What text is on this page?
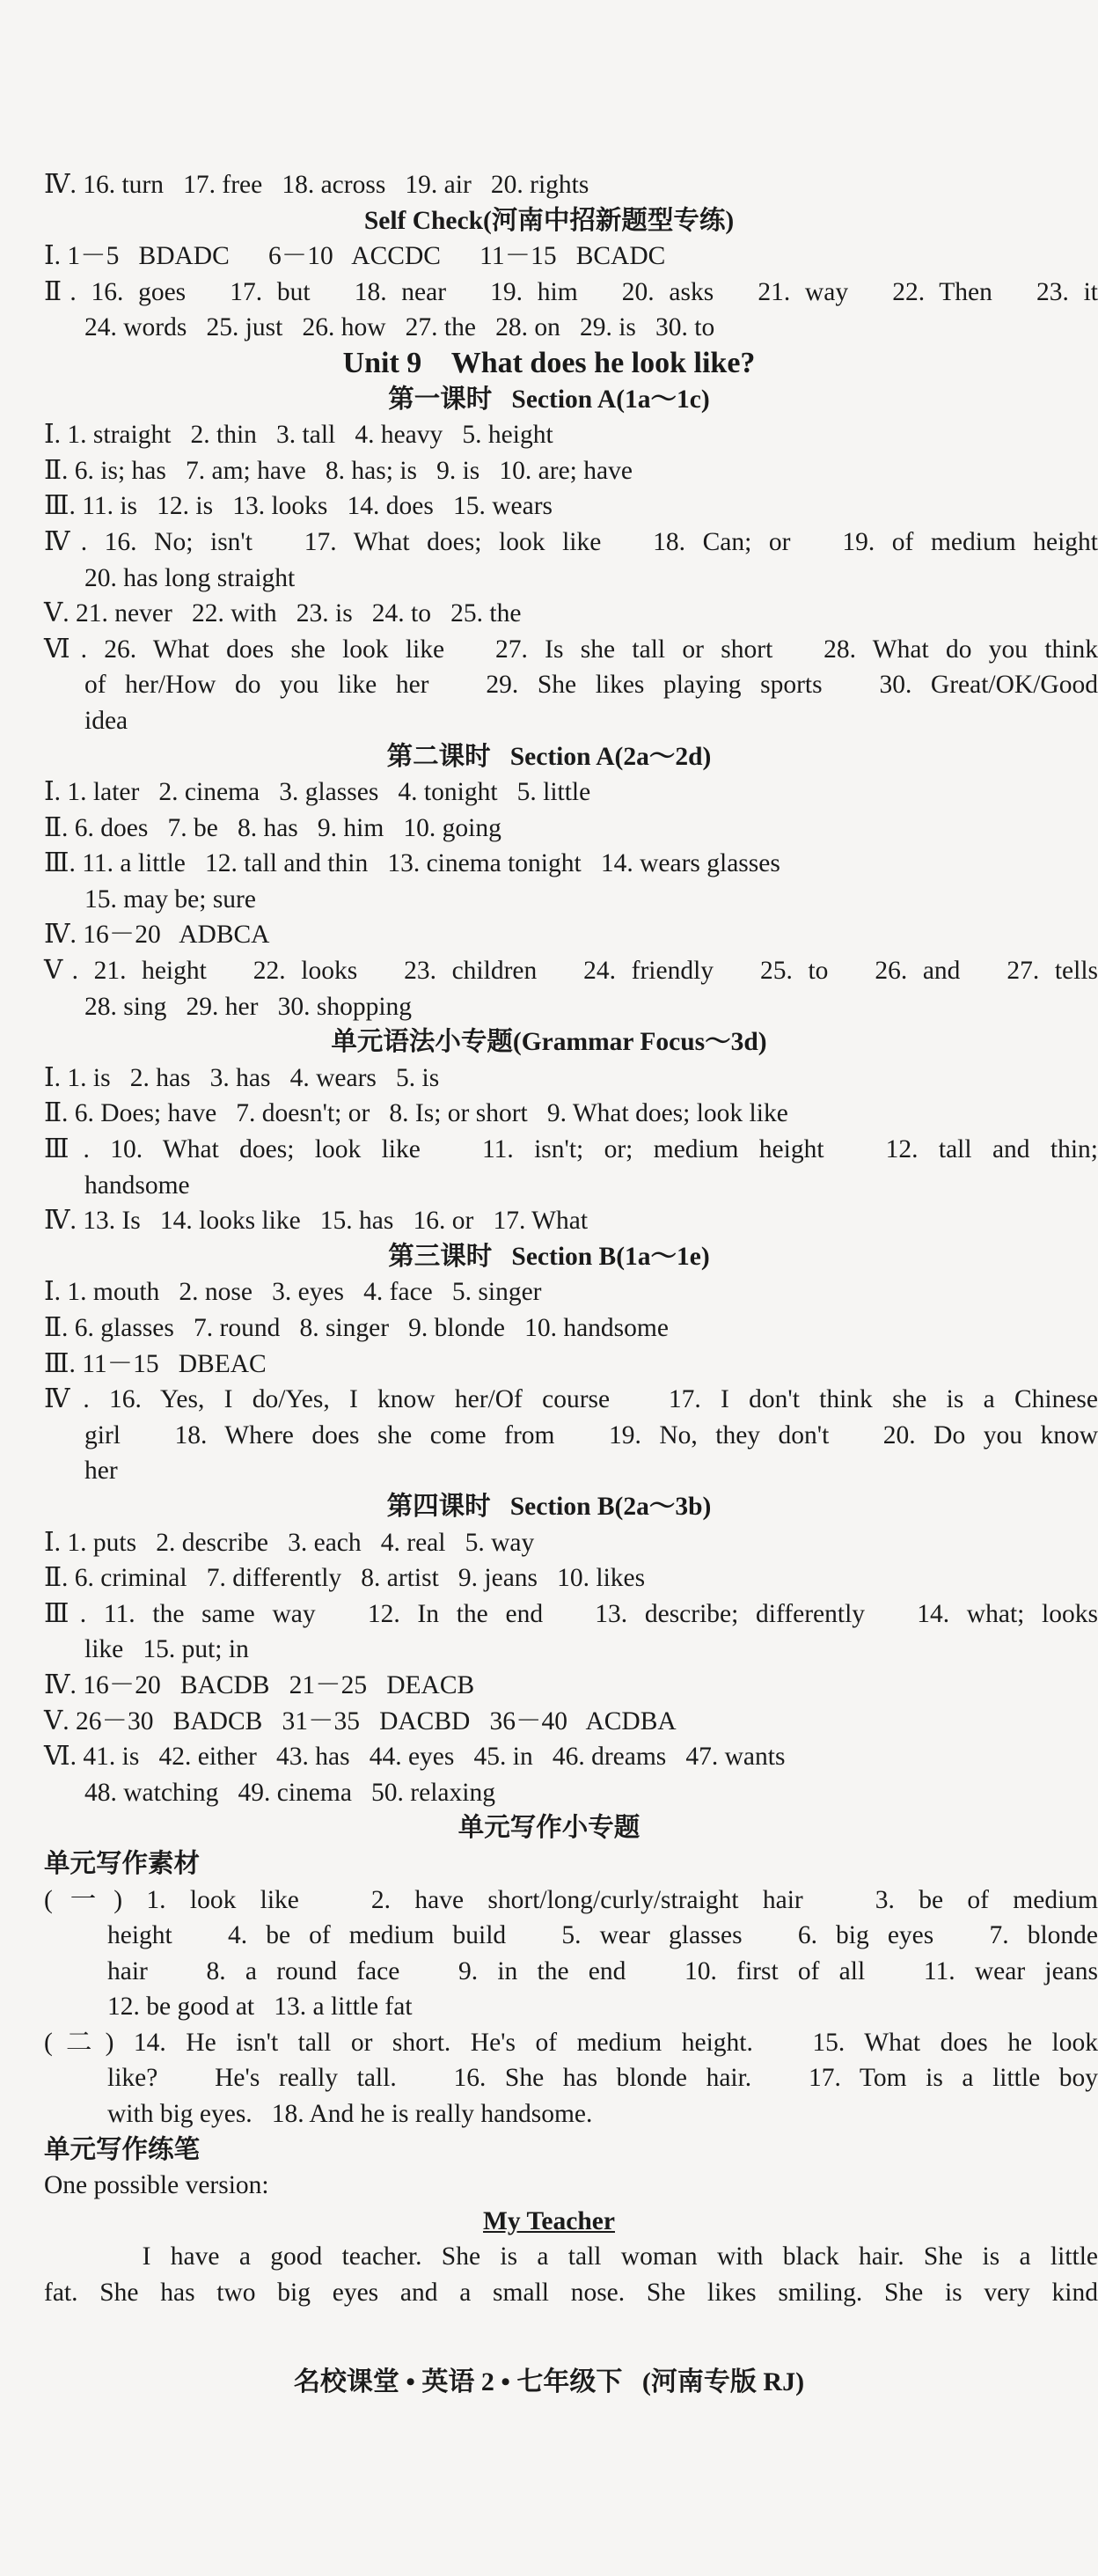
Ⅳ. 16. turn   17. free   18. across   19. air   20. rights
Self Check(河南中招新题型专练)
Ⅰ. 1－5   BDADC      6－10   ACCDC      11－15   BCADC
Ⅱ. 16. goes   17. but   18. near   19. him   20. asks   21. way   22. Then   23. it
24. words   25. just   26. how   27. the   28. on   29. is   30. to
Unit 9    What does he look like?
第一课时   Section A(1a～1c)
Ⅰ. 1. straight   2. thin   3. tall   4. heavy   5. height
Ⅱ. 6. is; has   7. am; have   8. has; is   9. is   10. are; have
Ⅲ. 11. is   12. is   13. looks   14. does   15. wears
Ⅳ. 16. No; isn't   17. What does; look like   18. Can; or   19. of medium height
20. has long straight
Ⅴ. 21. never   22. with   23. is   24. to   25. the
Ⅵ. 26. What does she look like   27. Is she tall or short   28. What do you think
of her/How do you like her   29. She likes playing sports   30. Great/OK/Good
idea
第二课时   Section A(2a～2d)
Ⅰ. 1. later   2. cinema   3. glasses   4. tonight   5. little
Ⅱ. 6. does   7. be   8. has   9. him   10. going
Ⅲ. 11. a little   12. tall and thin   13. cinema tonight   14. wears glasses
15. may be; sure
Ⅳ. 16－20   ADBCA
Ⅴ. 21. height   22. looks   23. children   24. friendly   25. to   26. and   27. tells
28. sing   29. her   30. shopping
单元语法小专题(Grammar Focus～3d)
Ⅰ. 1. is   2. has   3. has   4. wears   5. is
Ⅱ. 6. Does; have   7. doesn't; or   8. Is; or short   9. What does; look like
Ⅲ. 10. What does; look like   11. isn't; or; medium height   12. tall and thin;
handsome
Ⅳ. 13. Is   14. looks like   15. has   16. or   17. What
第三课时   Section B(1a～1e)
Ⅰ. 1. mouth   2. nose   3. eyes   4. face   5. singer
Ⅱ. 6. glasses   7. round   8. singer   9. blonde   10. handsome
Ⅲ. 11－15   DBEAC
Ⅳ. 16. Yes, I do/Yes, I know her/Of course   17. I don't think she is a Chinese
girl   18. Where does she come from   19. No, they don't   20. Do you know
her
第四课时   Section B(2a～3b)
Ⅰ. 1. puts   2. describe   3. each   4. real   5. way
Ⅱ. 6. criminal   7. differently   8. artist   9. jeans   10. likes
Ⅲ. 11. the same way   12. In the end   13. describe; differently   14. what; looks
like   15. put; in
Ⅳ. 16－20   BACDB   21－25   DEACB
Ⅴ. 26－30   BADCB   31－35   DACBD   36－40   ACDBA
Ⅵ. 41. is   42. either   43. has   44. eyes   45. in   46. dreams   47. wants
48. watching   49. cinema   50. relaxing
单元写作小专题
单元写作素材
(一) 1. look like   2. have short/long/curly/straight hair   3. be of medium
height   4. be of medium build   5. wear glasses   6. big eyes   7. blonde
hair   8. a round face   9. in the end   10. first of all   11. wear jeans
12. be good at   13. a little fat
(二) 14. He isn't tall or short. He's of medium height.   15. What does he look
like?   He's really tall.   16. She has blonde hair.   17. Tom is a little boy
with big eyes.   18. And he is really handsome.
单元写作练笔
One possible version:
My Teacher
I have a good teacher. She is a tall woman with black hair. She is a little
fat. She has two big eyes and a small nose. She likes smiling. She is very kind
名校课堂 • 英语 2 • 七年级下   (河南专版 RJ)
